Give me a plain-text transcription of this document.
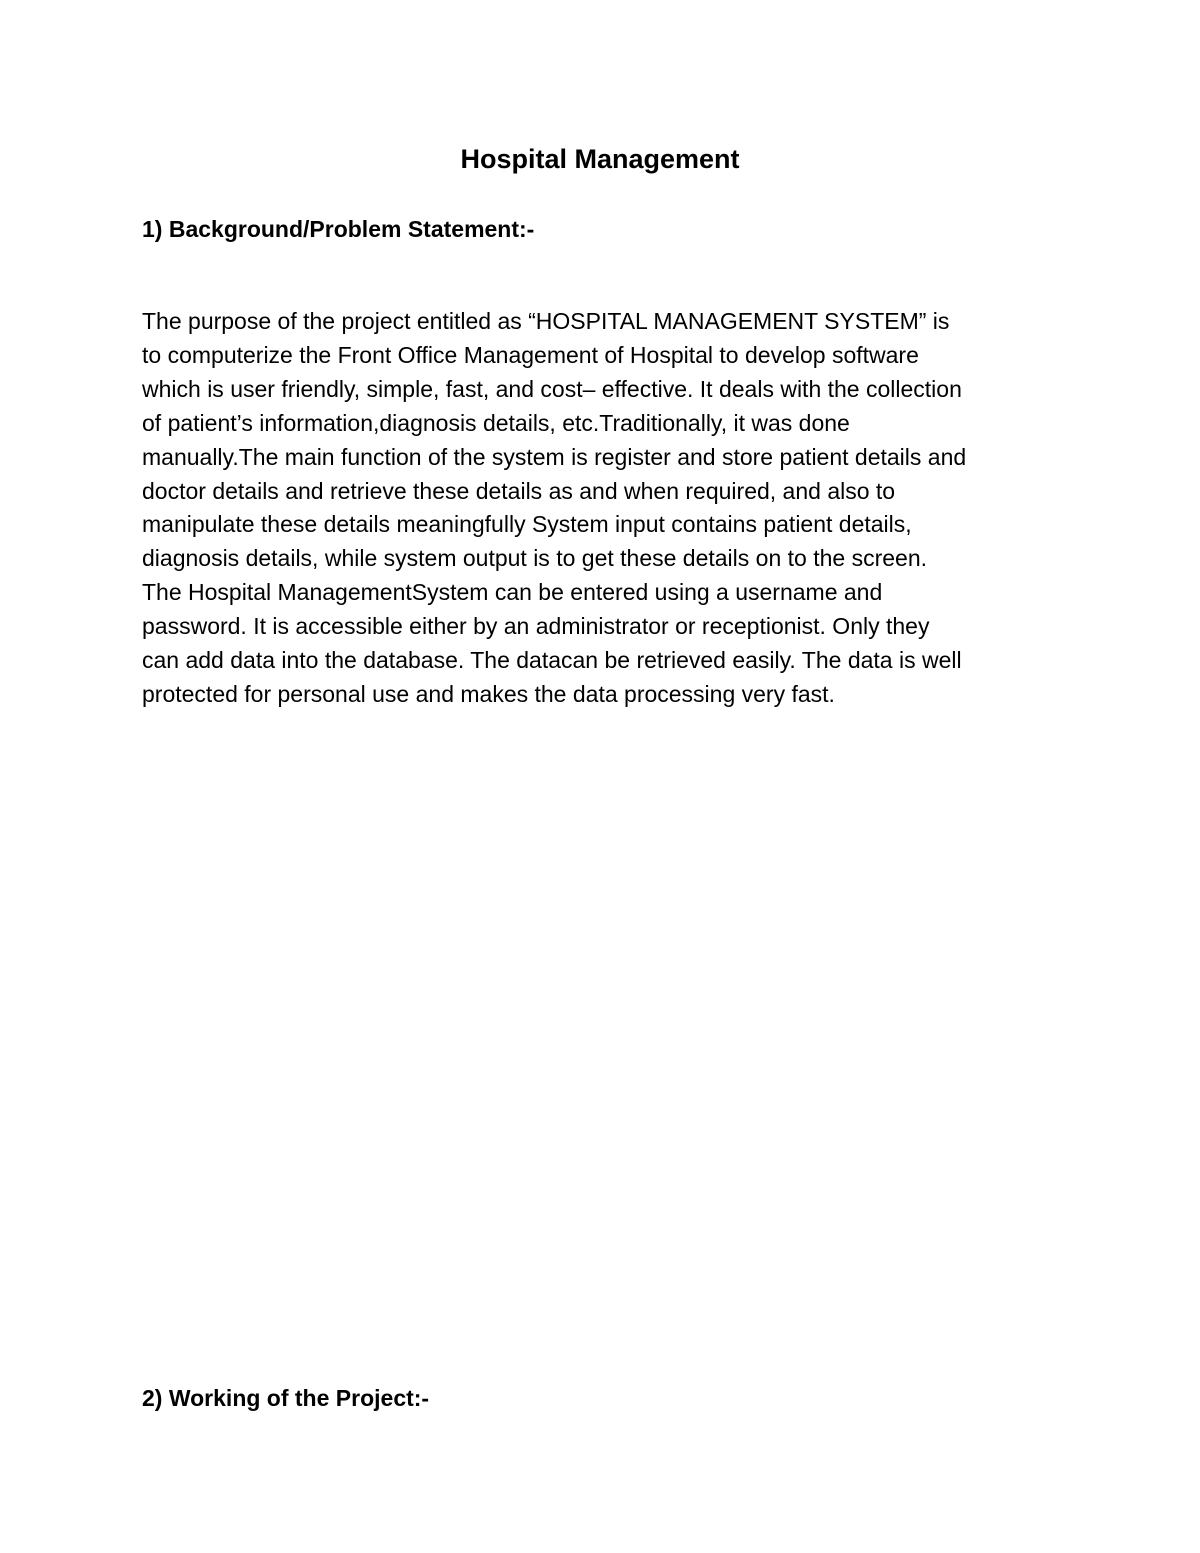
Hospital Management
1) Background/Problem Statement:-

The purpose of the project entitled as “HOSPITAL MANAGEMENT SYSTEM” is
to computerize the Front Office Management of Hospital to develop software
which is user friendly, simple, fast, and cost– effective. It deals with the collection
of patient’s information,diagnosis details, etc.Traditionally, it was done
manually.The main function of the system is register and store patient details and
doctor details and retrieve these details as and when required, and also to
manipulate these details meaningfully System input contains patient details,
diagnosis details, while system output is to get these details on to the screen.
The Hospital ManagementSystem can be entered using a username and
password. It is accessible either by an administrator or receptionist. Only they
can add data into the database. The datacan be retrieved easily. The data is well
protected for personal use and makes the data processing very fast.

2) Working of the Project:-
